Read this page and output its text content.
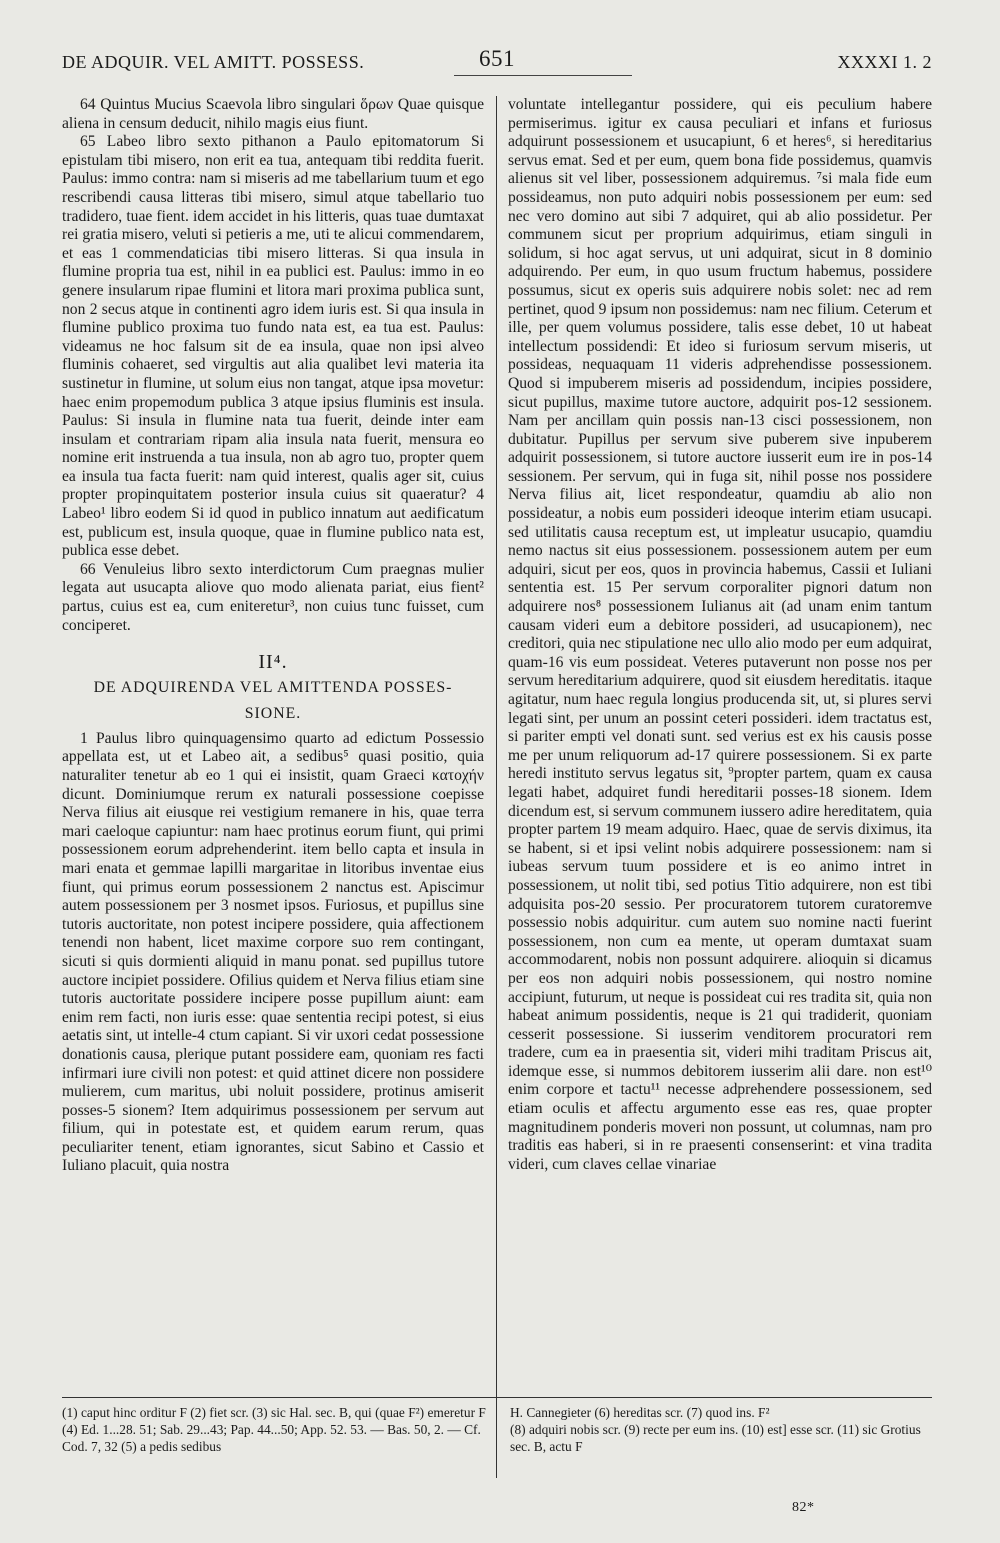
DE ADQUIR. VEL AMITT. POSSESS.	651	XXXXI 1. 2

64 Quintus Mucius Scaevola libro singulari ὅρων Quae quisque aliena in censum deducit, nihilo magis eius fiunt.

65 Labeo libro sexto pithanon a Paulo epitomatorum Si epistulam tibi misero, non erit ea tua, antequam tibi reddita fuerit. Paulus: immo contra: nam si miseris ad me tabellarium tuum et ego rescribendi causa litteras tibi misero, simul atque tabellario tuo tradidero, tuae fient. idem accidet in his litteris, quas tuae dumtaxat rei gratia misero, veluti si petieris a me, uti te alicui commendarem, et eas 1 commendaticias tibi misero litteras. Si qua insula in flumine propria tua est, nihil in ea publici est. Paulus: immo in eo genere insularum ripae flumini et litora mari proxima publica sunt, non 2 secus atque in continenti agro idem iuris est. Si qua insula in flumine publico proxima tuo fundo nata est, ea tua est. Paulus: videamus ne hoc falsum sit de ea insula, quae non ipsi alveo fluminis cohaeret, sed virgultis aut alia qualibet levi materia ita sustinetur in flumine, ut solum eius non tangat, atque ipsa movetur: haec enim propemodum publica 3 atque ipsius fluminis est insula. Paulus: Si insula in flumine nata tua fuerit, deinde inter eam insulam et contrariam ripam alia insula nata fuerit, mensura eo nomine erit instruenda a tua insula, non ab agro tuo, propter quem ea insula tua facta fuerit: nam quid interest, qualis ager sit, cuius propter propinquitatem posterior insula cuius sit quaeratur? 4 Labeo¹ libro eodem Si id quod in publico innatum aut aedificatum est, publicum est, insula quoque, quae in flumine publico nata est, publica esse debet.

66 Venuleius libro sexto interdictorum Cum praegnas mulier legata aut usucapta aliove quo modo alienata pariat, eius fient² partus, cuius est ea, cum eniteretur³, non cuius tunc fuisset, cum conciperet.

II⁴.
DE ADQUIRENDA VEL AMITTENDA POSSES-
SIONE.

1 Paulus libro quinquagensimo quarto ad edictum Possessio appellata est, ut et Labeo ait, a sedibus⁵ quasi positio, quia naturaliter tenetur ab eo 1 qui ei insistit, quam Graeci κατοχήν dicunt. Dominiumque rerum ex naturali possessione coepisse Nerva filius ait eiusque rei vestigium remanere in his, quae terra mari caeloque capiuntur: nam haec protinus eorum fiunt, qui primi possessionem eorum adprehenderint. item bello capta et insula in mari enata et gemmae lapilli margaritae in litoribus inventae eius fiunt, qui primus eorum possessionem 2 nanctus est. Apiscimur autem possessionem per 3 nosmet ipsos. Furiosus, et pupillus sine tutoris auctoritate, non potest incipere possidere, quia affectionem tenendi non habent, licet maxime corpore suo rem contingant, sicuti si quis dormienti aliquid in manu ponat. sed pupillus tutore auctore incipiet possidere. Ofilius quidem et Nerva filius etiam sine tutoris auctoritate possidere incipere posse pupillum aiunt: eam enim rem facti, non iuris esse: quae sententia recipi potest, si eius aetatis sint, ut intelle-4 ctum capiant. Si vir uxori cedat possessione donationis causa, plerique putant possidere eam, quoniam res facti infirmari iure civili non potest: et quid attinet dicere non possidere mulierem, cum maritus, ubi noluit possidere, protinus amiserit posses-5 sionem? Item adquirimus possessionem per servum aut filium, qui in potestate est, et quidem earum rerum, quas peculiariter tenent, etiam ignorantes, sicut Sabino et Cassio et Iuliano placuit, quia nostra

voluntate intellegantur possidere, qui eis peculium habere permiserimus. igitur ex causa peculiari et infans et furiosus adquirunt possessionem et usucapiunt, 6 et heres⁶, si hereditarius servus emat. Sed et per eum, quem bona fide possidemus, quamvis alienus sit vel liber, possessionem adquiremus. ⁷si mala fide eum possideamus, non puto adquiri nobis possessionem per eum: sed nec vero domino aut sibi 7 adquiret, qui ab alio possidetur. Per communem sicut per proprium adquirimus, etiam singuli in solidum, si hoc agat servus, ut uni adquirat, sicut in 8 dominio adquirendo. Per eum, in quo usum fructum habemus, possidere possumus, sicut ex operis suis adquirere nobis solet: nec ad rem pertinet, quod 9 ipsum non possidemus: nam nec filium. Ceterum et ille, per quem volumus possidere, talis esse debet, 10 ut habeat intellectum possidendi: Et ideo si furiosum servum miseris, ut possideas, nequaquam 11 videris adprehendisse possessionem. Quod si impuberem miseris ad possidendum, incipies possidere, sicut pupillus, maxime tutore auctore, adquirit pos-12 sessionem. Nam per ancillam quin possis nan-13 cisci possessionem, non dubitatur. Pupillus per servum sive puberem sive inpuberem adquirit possessionem, si tutore auctore iusserit eum ire in pos-14 sessionem. Per servum, qui in fuga sit, nihil posse nos possidere Nerva filius ait, licet respondeatur, quamdiu ab alio non possideatur, a nobis eum possideri ideoque interim etiam usucapi. sed utilitatis causa receptum est, ut impleatur usucapio, quamdiu nemo nactus sit eius possessionem. possessionem autem per eum adquiri, sicut per eos, quos in provincia habemus, Cassii et Iuliani sententia est. 15 Per servum corporaliter pignori datum non adquirere nos⁸ possessionem Iulianus ait (ad unam enim tantum causam videri eum a debitore possideri, ad usucapionem), nec creditori, quia nec stipulatione nec ullo alio modo per eum adquirat, quam-16 vis eum possideat. Veteres putaverunt non posse nos per servum hereditarium adquirere, quod sit eiusdem hereditatis. itaque agitatur, num haec regula longius producenda sit, ut, si plures servi legati sint, per unum an possint ceteri possideri. idem tractatus est, si pariter empti vel donati sunt. sed verius est ex his causis posse me per unum reliquorum ad-17 quirere possessionem. Si ex parte heredi instituto servus legatus sit, ⁹propter partem, quam ex causa legati habet, adquiret fundi hereditarii posses-18 sionem. Idem dicendum est, si servum communem iussero adire hereditatem, quia propter partem 19 meam adquiro. Haec, quae de servis diximus, ita se habent, si et ipsi velint nobis adquirere possessionem: nam si iubeas servum tuum possidere et is eo animo intret in possessionem, ut nolit tibi, sed potius Titio adquirere, non est tibi adquisita pos-20 sessio. Per procuratorem tutorem curatoremve possessio nobis adquiritur. cum autem suo nomine nacti fuerint possessionem, non cum ea mente, ut operam dumtaxat suam accommodarent, nobis non possunt adquirere. alioquin si dicamus per eos non adquiri nobis possessionem, qui nostro nomine accipiunt, futurum, ut neque is possideat cui res tradita sit, quia non habeat animum possidentis, neque is 21 qui tradiderit, quoniam cesserit possessione. Si iusserim venditorem procuratori rem tradere, cum ea in praesentia sit, videri mihi traditam Priscus ait, idemque esse, si nummos debitorem iusserim alii dare. non est¹⁰ enim corpore et tactu¹¹ necesse adprehendere possessionem, sed etiam oculis et affectu argumento esse eas res, quae propter magnitudinem ponderis moveri non possunt, ut columnas, nam pro traditis eas haberi, si in re praesenti consenserint: et vina tradita videri, cum claves cellae vinariae

(1) caput hinc orditur F (2) fiet scr. (3) sic Hal. sec. B, qui (quae F²) emeretur F
(4) Ed. 1...28. 51; Sab. 29...43; Pap. 44...50; App. 52. 53. — Bas. 50, 2. — Cf. Cod. 7, 32 (5) a pedis sedibus
H. Cannegieter (6) hereditas scr. (7) quod ins. F²
(8) adquiri nobis scr. (9) recte per eum ins. (10) est] esse scr. (11) sic Grotius sec. B, actu F
82*
